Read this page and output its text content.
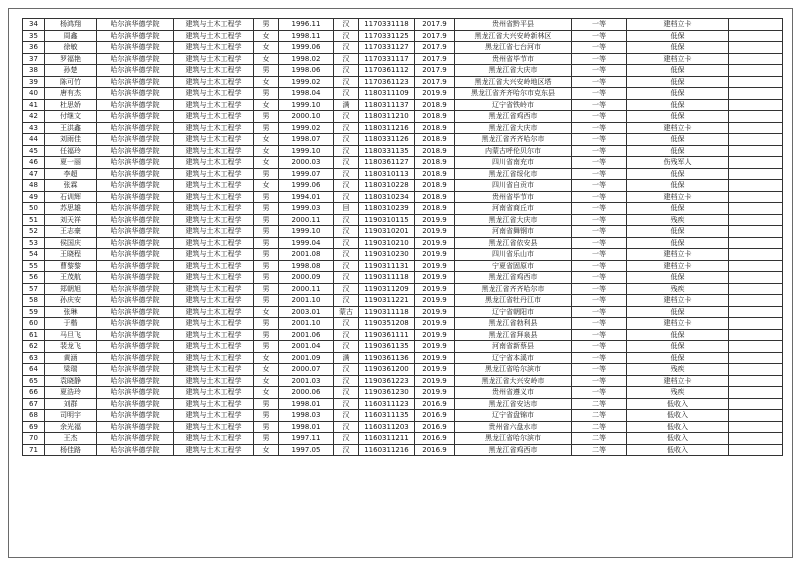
34	杨鸿翔	哈尔滨华德学院	建筑与土木工程学	男	1996.11	汉	1170331118	2017.9	贵州省黔平县	一等	建档立卡	
35	周鑫	哈尔滨华德学院	建筑与土木工程学	女	1998.11	汉	1170331125	2017.9	黑龙江省大兴安岭新林区	一等	低保	
36	徐敏	哈尔滨华德学院	建筑与土木工程学	女	1999.06	汉	1170331127	2017.9	黑龙江省七台河市	一等	低保	
37	罗福艳	哈尔滨华德学院	建筑与土木工程学	女	1998.02	汉	1170331117	2017.9	贵州省毕节市	一等	建档立卡	
38	孙楚	哈尔滨华德学院	建筑与土木工程学	男	1998.06	汉	1170361112	2017.9	黑龙江省大庆市	一等	低保	
39	陈可竹	哈尔滨华德学院	建筑与土木工程学	女	1999.02	汉	1170361123	2017.9	黑龙江省大兴安岭地区塔	一等	低保	
40	唐有杰	哈尔滨华德学院	建筑与土木工程学	男	1998.04	汉	1180311109	2019.9	黑龙江省齐齐哈尔市克东县	一等	低保	
41	杜思娇	哈尔滨华德学院	建筑与土木工程学	女	1999.10	满	1180311137	2018.9	辽宁省铁岭市	一等	低保	
42	付继文	哈尔滨华德学院	建筑与土木工程学	男	2000.10	汉	1180311210	2018.9	黑龙江省鸡西市	一等	低保	
43	王洪鑫	哈尔滨华德学院	建筑与土木工程学	男	1999.02	汉	1180311216	2018.9	黑龙江省大庆市	一等	建档立卡	
44	刘雨佳	哈尔滨华德学院	建筑与土木工程学	女	1998.07	汉	1180331126	2018.9	黑龙江省齐齐哈尔市	一等	低保	
45	任福玲	哈尔滨华德学院	建筑与土木工程学	女	1999.10	汉	1180331135	2018.9	内蒙古呼伦贝尔市	一等	低保	
46	夏一丽	哈尔滨华德学院	建筑与土木工程学	女	2000.03	汉	1180361127	2018.9	四川省南充市	一等	伤残军人	
47	李超	哈尔滨华德学院	建筑与土木工程学	男	1999.07	汉	1180310113	2018.9	黑龙江省绥化市	一等	低保	
48	张霖	哈尔滨华德学院	建筑与土木工程学	女	1999.06	汉	1180310228	2018.9	四川省自贡市	一等	低保	
49	石训辉	哈尔滨华德学院	建筑与土木工程学	男	1994.01	汉	1180310234	2018.9	贵州省毕节市	一等	建档立卡	
50	苏思雄	哈尔滨华德学院	建筑与土木工程学	男	1999.03	回	1180310239	2018.9	河南省商丘市	一等	低保	
51	刘天祥	哈尔滨华德学院	建筑与土木工程学	男	2000.11	汉	1190310115	2019.9	黑龙江省大庆市	一等	残疾	
52	王志豪	哈尔滨华德学院	建筑与土木工程学	男	1999.10	汉	1190310201	2019.9	河南省舞钢市	一等	低保	
53	侯国庆	哈尔滨华德学院	建筑与土木工程学	男	1999.04	汉	1190310210	2019.9	黑龙江省依安县	一等	低保	
54	王晓程	哈尔滨华德学院	建筑与土木工程学	男	2001.08	汉	1190310230	2019.9	四川省乐山市	一等	建档立卡	
55	曹黎黎	哈尔滨华德学院	建筑与土木工程学	男	1998.08	汉	1190311131	2019.9	宁夏省固原市	一等	建档立卡	
56	王茂航	哈尔滨华德学院	建筑与土木工程学	男	2000.09	汉	1190311118	2019.9	黑龙江省鸡西市	一等	低保	
57	郑朝旭	哈尔滨华德学院	建筑与土木工程学	男	2000.11	汉	1190311209	2019.9	黑龙江省齐齐哈尔市	一等	残疾	
58	孙庆安	哈尔滨华德学院	建筑与土木工程学	男	2001.10	汉	1190311221	2019.9	黑龙江省牡丹江市	一等	建档立卡	
59	张琳	哈尔滨华德学院	建筑与土木工程学	女	2003.01	蒙古	1190311118	2019.9	辽宁省朝阳市	一等	低保	
60	于楷	哈尔滨华德学院	建筑与土木工程学	男	2001.10	汉	1190351208	2019.9	黑龙江省勃利县	一等	建档立卡	
61	马旦飞	哈尔滨华德学院	建筑与土木工程学	男	2001.06	汉	1190361111	2019.9	黑龙江省拜泉县	一等	低保	
62	裴龙飞	哈尔滨华德学院	建筑与土木工程学	男	2001.04	汉	1190361135	2019.9	河南省新蔡县	一等	低保	
63	黄涵	哈尔滨华德学院	建筑与土木工程学	女	2001.09	满	1190361136	2019.9	辽宁省本溪市	一等	低保	
64	梁瑞	哈尔滨华德学院	建筑与土木工程学	女	2000.07	汉	1190361200	2019.9	黑龙江省哈尔滨市	一等	残疾	
65	袁晓静	哈尔滨华德学院	建筑与土木工程学	女	2001.03	汉	1190361223	2019.9	黑龙江省大兴安岭市	一等	建档立卡	
66	夏浩玲	哈尔滨华德学院	建筑与土木工程学	女	2000.06	汉	1190361230	2019.9	贵州省遵义市	一等	残疾	
67	刘群	哈尔滨华德学院	建筑与土木工程学	男	1998.01	汉	1160311123	2016.9	黑龙江省安达市	二等	低收入	
68	司明宇	哈尔滨华德学院	建筑与土木工程学	男	1998.03	汉	1160311135	2016.9	辽宁省盘锦市	二等	低收入	
69	余光福	哈尔滨华德学院	建筑与土木工程学	男	1998.01	汉	1160311203	2016.9	贵州省六盘水市	二等	低收入	
70	王杰	哈尔滨华德学院	建筑与土木工程学	男	1997.11	汉	1160311211	2016.9	黑龙江省哈尔滨市	二等	低收入	
71	杨佳路	哈尔滨华德学院	建筑与土木工程学	女	1997.05	汉	1160311216	2016.9	黑龙江省鸡西市	二等	低收入	
